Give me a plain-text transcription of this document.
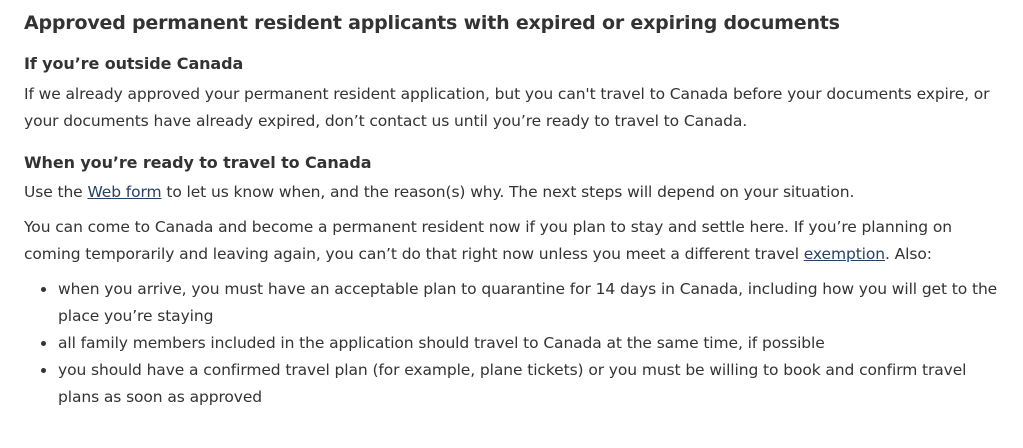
Approved permanent resident applicants with expired or expiring documents
If you’re outside Canada

If we already approved your permanent resident application, but you can't travel to Canada before your documents expire, or your documents have already expired, don’t contact us until you’re ready to travel to Canada.

When you’re ready to travel to Canada

Use the Web form to let us know when, and the reason(s) why. The next steps will depend on your situation.

You can come to Canada and become a permanent resident now if you plan to stay and settle here. If you’re planning on coming temporarily and leaving again, you can’t do that right now unless you meet a different travel exemption. Also:

• when you arrive, you must have an acceptable plan to quarantine for 14 days in Canada, including how you will get to the place you’re staying
• all family members included in the application should travel to Canada at the same time, if possible
• you should have a confirmed travel plan (for example, plane tickets) or you must be willing to book and confirm travel plans as soon as approved
